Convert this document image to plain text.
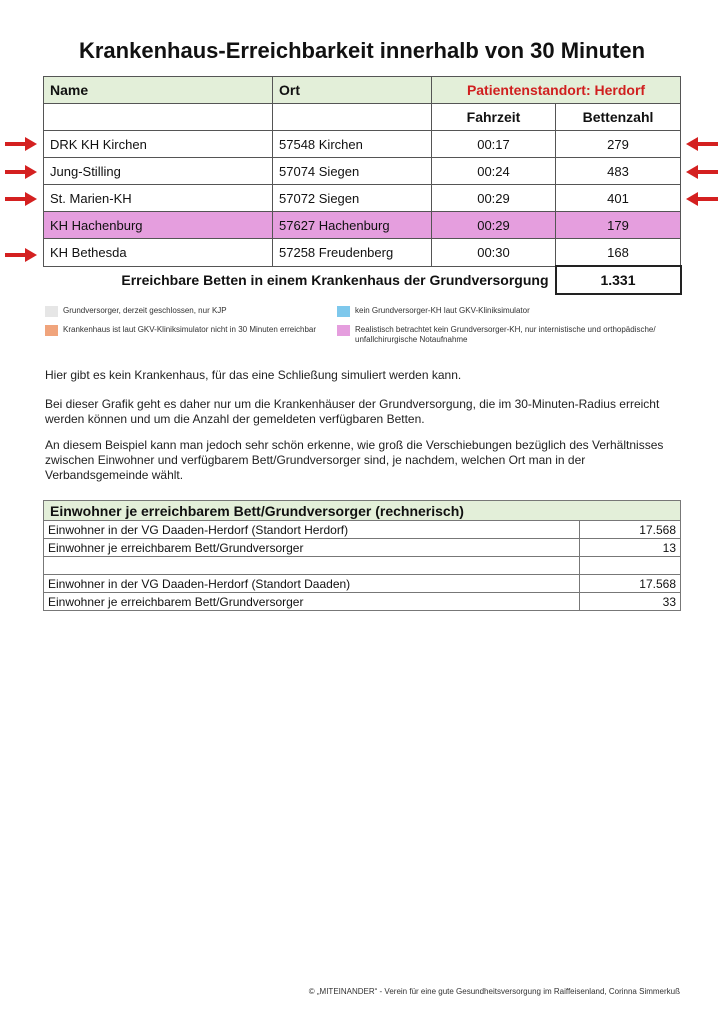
Krankenhaus-Erreichbarkeit innerhalb von 30 Minuten
Name	Ort	Patientenstandort: Herdorf	
		Fahrzeit	Bettenzahl
DRK KH Kirchen	57548 Kirchen	00:17	279
Jung-Stilling	57074 Siegen	00:24	483
St. Marien-KH	57072 Siegen	00:29	401
KH Hachenburg	57627 Hachenburg	00:29	179
KH Bethesda	57258 Freudenberg	00:30	168
Erreichbare Betten in einem Krankenhaus der Grundversorgung			1.331
Grundversorger, derzeit geschlossen, nur KJP	kein Grundversorger-KH laut GKV-Kliniksimulator
Krankenhaus ist laut GKV-Kliniksimulator nicht in 30 Minuten erreichbar	Realistisch betrachtet kein Grundversorger-KH, nur internistische und orthopädische/
unfallchirurgische Notaufnahme

Hier gibt es kein Krankenhaus, für das eine Schließung simuliert werden kann.

Bei dieser Grafik geht es daher nur um die Krankenhäuser der Grundversorgung, die im 30-Minuten-Radius erreicht werden können und um die Anzahl der gemeldeten verfügbaren Betten.

An diesem Beispiel kann man jedoch sehr schön erkenne, wie groß die Verschiebungen bezüglich des Verhältnisses zwischen Einwohner und verfügbarem Bett/Grundversorger sind, je nachdem, welchen Ort man in der Verbandsgemeinde wählt.

Einwohner je erreichbarem Bett/Grundversorger (rechnerisch)	
Einwohner in der VG Daaden-Herdorf (Standort Herdorf)	17.568
Einwohner je erreichbarem Bett/Grundversorger	13

Einwohner in der VG Daaden-Herdorf (Standort Daaden)	17.568
Einwohner je erreichbarem Bett/Grundversorger	33
© „MITEINANDER“ - Verein für eine gute Gesundheitsversorgung im Raiffeisenland, Corinna Simmerkuß
